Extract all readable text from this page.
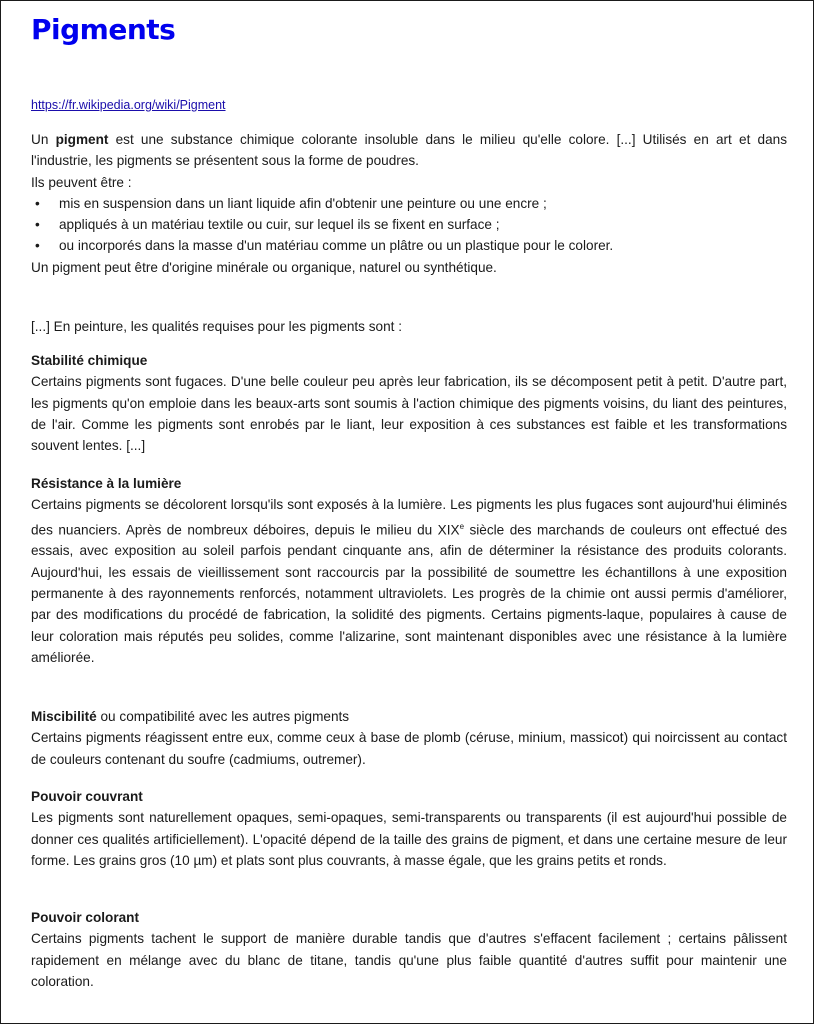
Pigments
https://fr.wikipedia.org/wiki/Pigment

Un pigment est une substance chimique colorante insoluble dans le milieu qu'elle colore. [...] Utilisés en art et dans l'industrie, les pigments se présentent sous la forme de poudres.

Ils peuvent être :

• mis en suspension dans un liant liquide afin d'obtenir une peinture ou une encre ;
• appliqués à un matériau textile ou cuir, sur lequel ils se fixent en surface ;
• ou incorporés dans la masse d'un matériau comme un plâtre ou un plastique pour le colorer.

Un pigment peut être d'origine minérale ou organique, naturel ou synthétique.

[...] En peinture, les qualités requises pour les pigments sont :

Stabilité chimique

Certains pigments sont fugaces. D'une belle couleur peu après leur fabrication, ils se décomposent petit à petit. D'autre part, les pigments qu'on emploie dans les beaux-arts sont soumis à l'action chimique des pigments voisins, du liant des peintures, de l'air. Comme les pigments sont enrobés par le liant, leur exposition à ces substances est faible et les transformations souvent lentes. [...]

Résistance à la lumière

Certains pigments se décolorent lorsqu'ils sont exposés à la lumière. Les pigments les plus fugaces sont aujourd'hui éliminés des nuanciers. Après de nombreux déboires, depuis le milieu du XIXe siècle des marchands de couleurs ont effectué des essais, avec exposition au soleil parfois pendant cinquante ans, afin de déterminer la résistance des produits colorants. Aujourd'hui, les essais de vieillissement sont raccourcis par la possibilité de soumettre les échantillons à une exposition permanente à des rayonnements renforcés, notamment ultraviolets. Les progrès de la chimie ont aussi permis d'améliorer, par des modifications du procédé de fabrication, la solidité des pigments. Certains pigments-laque, populaires à cause de leur coloration mais réputés peu solides, comme l'alizarine, sont maintenant disponibles avec une résistance à la lumière améliorée.

Miscibilité ou compatibilité avec les autres pigments

Certains pigments réagissent entre eux, comme ceux à base de plomb (céruse, minium, massicot) qui noircissent au contact de couleurs contenant du soufre (cadmiums, outremer).

Pouvoir couvrant

Les pigments sont naturellement opaques, semi-opaques, semi-transparents ou transparents (il est aujourd'hui possible de donner ces qualités artificiellement). L'opacité dépend de la taille des grains de pigment, et dans une certaine mesure de leur forme. Les grains gros (10 µm) et plats sont plus couvrants, à masse égale, que les grains petits et ronds.

Pouvoir colorant

Certains pigments tachent le support de manière durable tandis que d'autres s'effacent facilement ; certains pâlissent rapidement en mélange avec du blanc de titane, tandis qu'une plus faible quantité d'autres suffit pour maintenir une coloration.
